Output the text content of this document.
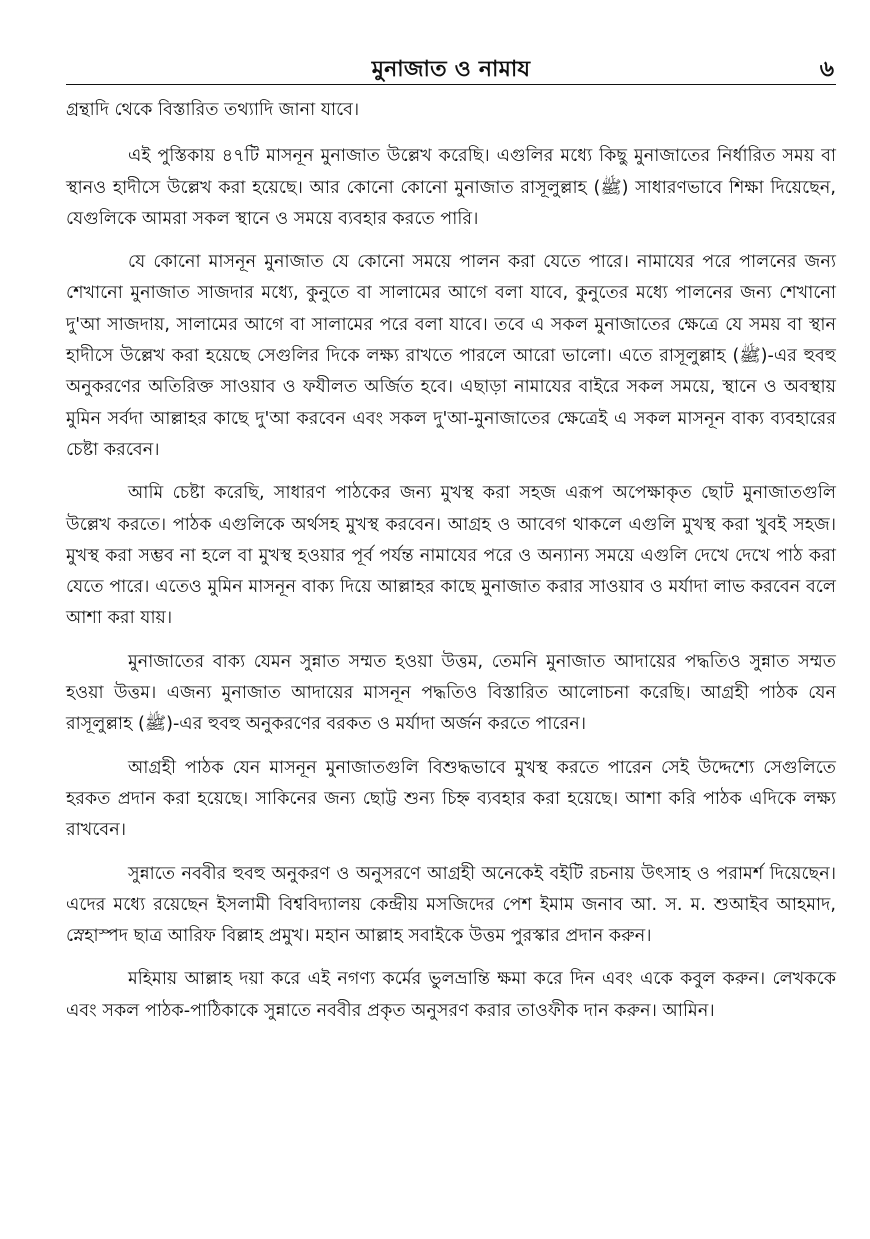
মুনাজাত ও নামায	৬

গ্রন্থাদি থেকে বিস্তারিত তথ্যাদি জানা যাবে।

এই পুস্তিকায় ৪৭টি মাসনূন মুনাজাত উল্লেখ করেছি। এগুলির মধ্যে কিছু মুনাজাতের নির্ধারিত সময় বা স্থানও হাদীসে উল্লেখ করা হয়েছে। আর কোনো কোনো মুনাজাত রাসূলুল্লাহ (ﷺ) সাধারণভাবে শিক্ষা দিয়েছেন, যেগুলিকে আমরা সকল স্থানে ও সময়ে ব্যবহার করতে পারি।

যে কোনো মাসনূন মুনাজাত যে কোনো সময়ে পালন করা যেতে পারে। নামাযের পরে পালনের জন্য শেখানো মুনাজাত সাজদার মধ্যে, কুনুতে বা সালামের আগে বলা যাবে, কুনুতের মধ্যে পালনের জন্য শেখানো দু'আ সাজদায়, সালামের আগে বা সালামের পরে বলা যাবে। তবে এ সকল মুনাজাতের ক্ষেত্রে যে সময় বা স্থান হাদীসে উল্লেখ করা হয়েছে সেগুলির দিকে লক্ষ্য রাখতে পারলে আরো ভালো। এতে রাসূলুল্লাহ (ﷺ)-এর হুবহু অনুকরণের অতিরিক্ত সাওয়াব ও ফযীলত অর্জিত হবে। এছাড়া নামাযের বাইরে সকল সময়ে, স্থানে ও অবস্থায় মুমিন সর্বদা আল্লাহর কাছে দু'আ করবেন এবং সকল দু'আ-মুনাজাতের ক্ষেত্রেই এ সকল মাসনূন বাক্য ব্যবহারের চেষ্টা করবেন।

আমি চেষ্টা করেছি, সাধারণ পাঠকের জন্য মুখস্থ করা সহজ এরূপ অপেক্ষাকৃত ছোট মুনাজাতগুলি উল্লেখ করতে। পাঠক এগুলিকে অর্থসহ মুখস্থ করবেন। আগ্রহ ও আবেগ থাকলে এগুলি মুখস্থ করা খুবই সহজ। মুখস্থ করা সম্ভব না হলে বা মুখস্থ হওয়ার পূর্ব পর্যন্ত নামাযের পরে ও অন্যান্য সময়ে এগুলি দেখে দেখে পাঠ করা যেতে পারে। এতেও মুমিন মাসনূন বাক্য দিয়ে আল্লাহর কাছে মুনাজাত করার সাওয়াব ও মর্যাদা লাভ করবেন বলে আশা করা যায়।

মুনাজাতের বাক্য যেমন সুন্নাত সম্মত হওয়া উত্তম, তেমনি মুনাজাত আদায়ের পদ্ধতিও সুন্নাত সম্মত হওয়া উত্তম। এজন্য মুনাজাত আদায়ের মাসনূন পদ্ধতিও বিস্তারিত আলোচনা করেছি। আগ্রহী পাঠক যেন রাসূলুল্লাহ (ﷺ)-এর হুবহু অনুকরণের বরকত ও মর্যাদা অর্জন করতে পারেন।

আগ্রহী পাঠক যেন মাসনূন মুনাজাতগুলি বিশুদ্ধভাবে মুখস্থ করতে পারেন সেই উদ্দেশ্যে সেগুলিতে হরকত প্রদান করা হয়েছে। সাকিনের জন্য ছোট্ট শুন্য চিহ্ন ব্যবহার করা হয়েছে। আশা করি পাঠক এদিকে লক্ষ্য রাখবেন।

সুন্নাতে নববীর হুবহু অনুকরণ ও অনুসরণে আগ্রহী অনেকেই বইটি রচনায় উৎসাহ ও পরামর্শ দিয়েছেন। এদের মধ্যে রয়েছেন ইসলামী বিশ্ববিদ্যালয় কেন্দ্রীয় মসজিদের পেশ ইমাম জনাব আ. স. ম. শুআইব আহমাদ, স্নেহাস্পদ ছাত্র আরিফ বিল্লাহ প্রমুখ। মহান আল্লাহ সবাইকে উত্তম পুরস্কার প্রদান করুন।

মহিমায় আল্লাহ দয়া করে এই নগণ্য কর্মের ভুলভ্রান্তি ক্ষমা করে দিন এবং একে কবুল করুন। লেখককে এবং সকল পাঠক-পাঠিকাকে সুন্নাতে নববীর প্রকৃত অনুসরণ করার তাওফীক দান করুন। আমিন।
